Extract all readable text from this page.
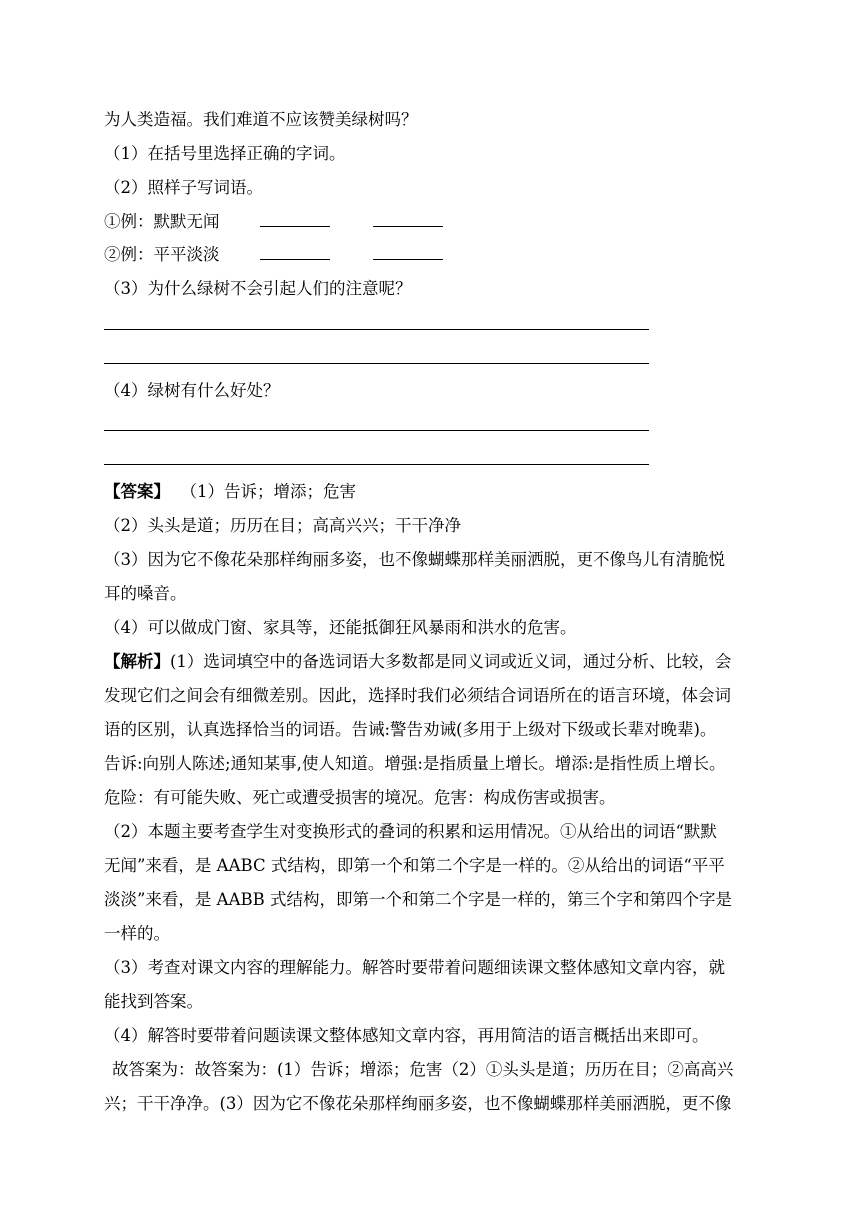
为人类造福。我们难道不应该赞美绿树吗？
（1）在括号里选择正确的字词。
（2）照样子写词语。
①例：默默无闻
②例：平平淡淡
（3）为什么绿树不会引起人们的注意呢？
（4）绿树有什么好处？
【答案】 （1）告诉；增添；危害
（2）头头是道；历历在目；高高兴兴；干干净净
（3）因为它不像花朵那样绚丽多姿，也不像蝴蝶那样美丽洒脱，更不像鸟儿有清脆悦
耳的嗓音。
（4）可以做成门窗、家具等，还能抵御狂风暴雨和洪水的危害。
【解析】(1）选词填空中的备选词语大多数都是同义词或近义词，通过分析、比较，会
发现它们之间会有细微差别。因此，选择时我们必须结合词语所在的语言环境，体会词
语的区别，认真选择恰当的词语。告诫:警告劝诫(多用于上级对下级或长辈对晚辈)。
告诉:向别人陈述;通知某事,使人知道。增强:是指质量上增长。增添:是指性质上增长。
危险：有可能失败、死亡或遭受损害的境况。危害：构成伤害或损害。
（2）本题主要考查学生对变换形式的叠词的积累和运用情况。①从给出的词语“默默
无闻”来看，是 AABC 式结构，即第一个和第二个字是一样的。②从给出的词语“平平
淡淡”来看，是 AABB 式结构，即第一个和第二个字是一样的，第三个字和第四个字是
一样的。
（3）考查对课文内容的理解能力。解答时要带着问题细读课文整体感知文章内容，就
能找到答案。
（4）解答时要带着问题读课文整体感知文章内容，再用简洁的语言概括出来即可。
故答案为：故答案为：(1）告诉；增添；危害（2）①头头是道；历历在目；②高高兴
兴；干干净净。(3）因为它不像花朵那样绚丽多姿，也不像蝴蝶那样美丽洒脱，更不像
